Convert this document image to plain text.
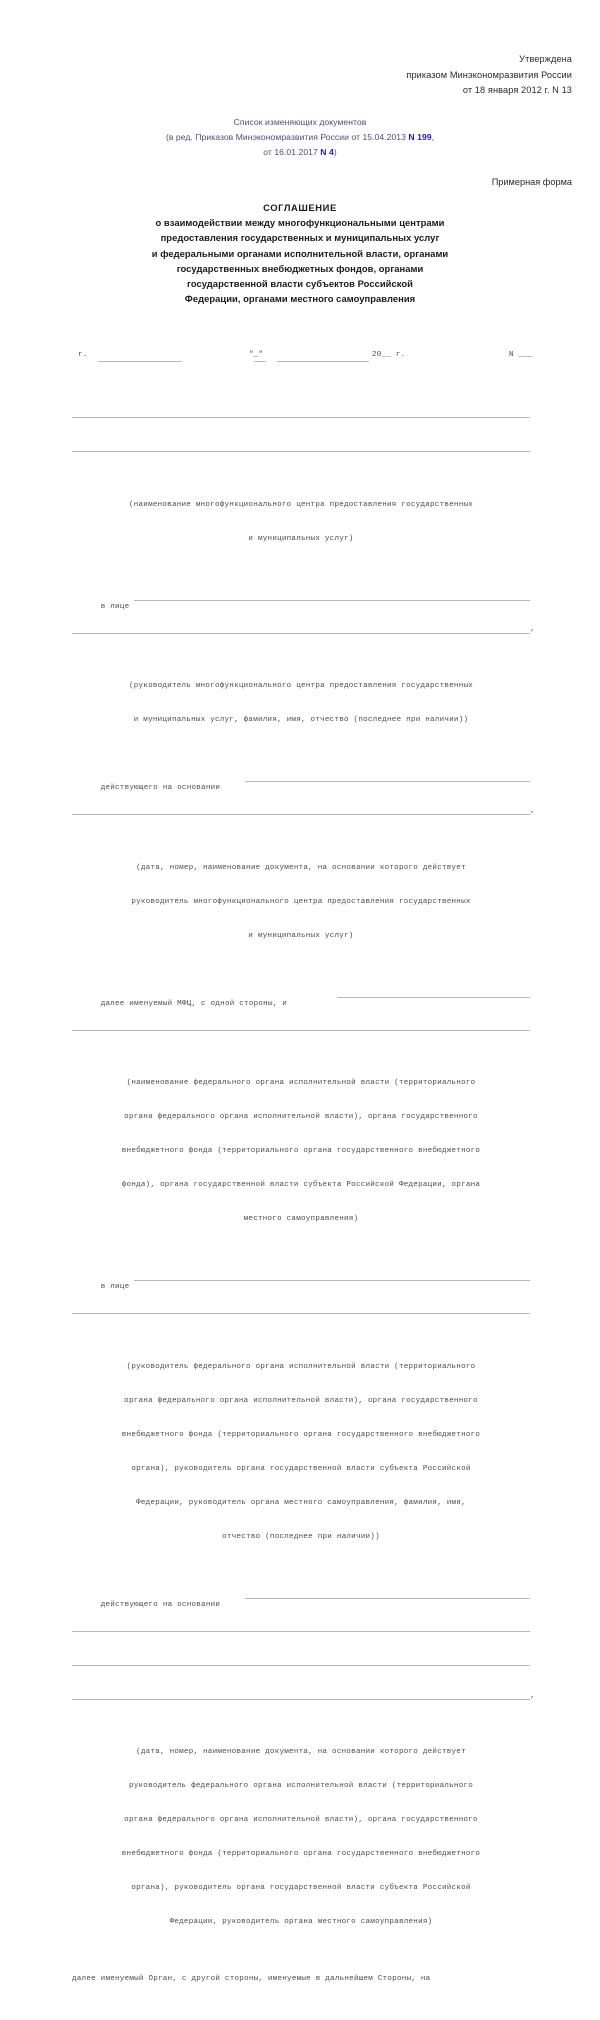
Утверждена
приказом Минэкономразвития России
от 18 января 2012 г. N 13
Список изменяющих документов
(в ред. Приказов Минэкономразвития России от 15.04.2013 N 199,
от 16.01.2017 N 4)
Примерная форма
СОГЛАШЕНИЕ
о взаимодействии между многофункциональными центрами
предоставления государственных и муниципальных услуг
и федеральными органами исполнительной власти, органами
государственных внебюджетных фондов, органами
государственной власти субъектов Российской
Федерации, органами местного самоуправления

г.

	"_"

	20__ г.

	N ___

(наименование многофункционального центра предоставления государственных

и муниципальных услуг)

в лице

,

(руководитель многофункционального центра предоставления государственных

и муниципальных услуг, фамилия, имя, отчество (последнее при наличии))

действующего на основании

,

(дата, номер, наименование документа, на основании которого действует

руководитель многофункционального центра предоставления государственных

и муниципальных услуг)

далее именуемый МФЦ, с одной стороны, и

(наименование федерального органа исполнительной власти (территориального

органа федерального органа исполнительной власти), органа государственного

внебюджетного фонда (территориального органа государственного внебюджетного

фонда), органа государственной власти субъекта Российской Федерации, органа

местного самоуправления)

в лице

(руководитель федерального органа исполнительной власти (территориального

органа федерального органа исполнительной власти), органа государственного

внебюджетного фонда (территориального органа государственного внебюджетного

органа), руководитель органа государственной власти субъекта Российской

Федерации, руководитель органа местного самоуправления, фамилия, имя,

отчество (последнее при наличии))

действующего на основании

,

(дата, номер, наименование документа, на основании которого действует

руководитель федерального органа исполнительной власти (территориального

органа федерального органа исполнительной власти), органа государственного

внебюджетного фонда (территориального органа государственного внебюджетного

органа), руководитель органа государственной власти субъекта Российской

Федерации, руководитель органа местного самоуправления)

далее именуемый Орган, с другой стороны, именуемые в дальнейшем Стороны, на
